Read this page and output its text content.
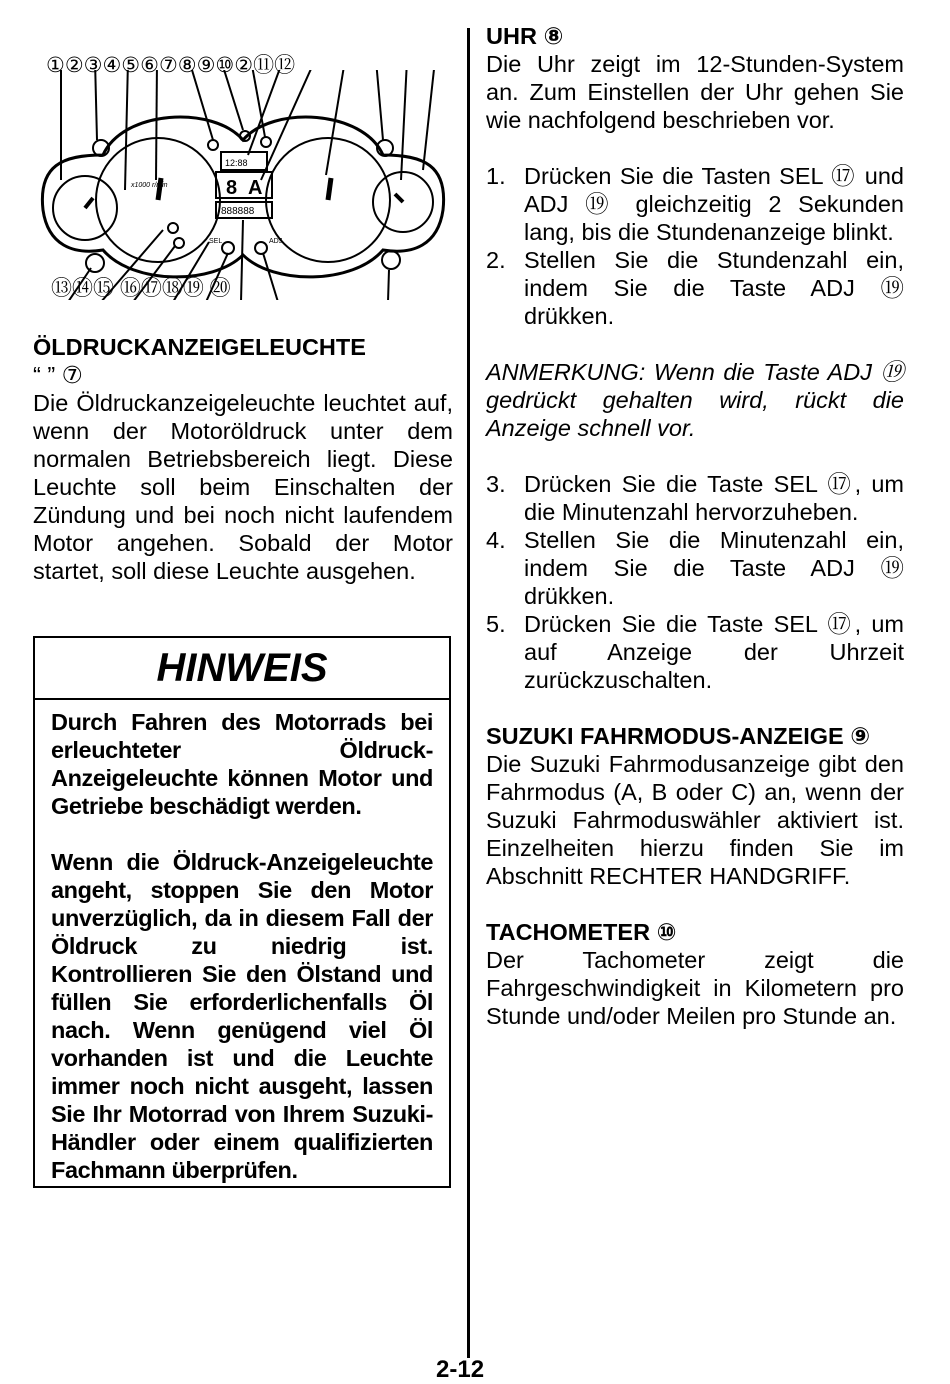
①②③④⑤⑥⑦⑧⑨⑩②⑪⑫
12:88
8 A
888888
x1000 r/min
SEL	ADJ
⑬⑭⑮ ⑯⑰⑱⑲ ⑳

ÖLDRUCKANZEIGELEUCHTE

“ ” ⑦

Die Öldruckanzeigeleuchte leuchtet auf, wenn der Motoröldruck unter dem normalen Betriebsbereich liegt. Diese Leuchte soll beim Einschalten der Zündung und bei noch nicht laufendem Motor angehen. Sobald der Motor startet, soll diese Leuchte ausgehen.

HINWEIS

Durch Fahren des Motorrads bei erleuchteter Öldruck-Anzeigeleuchte können Motor und Getriebe beschädigt werden.

Wenn die Öldruck-Anzeigeleuchte angeht, stoppen Sie den Motor unverzüglich, da in diesem Fall der Öldruck zu niedrig ist. Kontrollieren Sie den Ölstand und füllen Sie erforderlichenfalls Öl nach. Wenn genügend viel Öl vorhanden ist und die Leuchte immer noch nicht ausgeht, lassen Sie Ihr Motorrad von Ihrem Suzuki-Händler oder einem qualifizierten Fachmann überprüfen.

UHR ⑧

Die Uhr zeigt im 12-Stunden-System an. Zum Einstellen der Uhr gehen Sie wie nachfolgend beschrieben vor.

1. Drücken Sie die Tasten SEL ⑰ und ADJ ⑲ gleichzeitig 2 Sekunden lang, bis die Stundenanzeige blinkt.
2. Stellen Sie die Stundenzahl ein, indem Sie die Taste ADJ ⑲ drükken.

ANMERKUNG: Wenn die Taste ADJ ⑲ gedrückt gehalten wird, rückt die Anzeige schnell vor.

3. Drücken Sie die Taste SEL ⑰, um die Minutenzahl hervorzuheben.
4. Stellen Sie die Minutenzahl ein, indem Sie die Taste ADJ ⑲ drükken.
5. Drücken Sie die Taste SEL ⑰, um auf Anzeige der Uhrzeit zurückzuschalten.

SUZUKI FAHRMODUS-ANZEIGE ⑨

Die Suzuki Fahrmodusanzeige gibt den Fahrmodus (A, B oder C) an, wenn der Suzuki Fahrmoduswähler aktiviert ist. Einzelheiten hierzu finden Sie im Abschnitt RECHTER HANDGRIFF.

TACHOMETER ⑩

Der Tachometer zeigt die Fahrgeschwindigkeit in Kilometern pro Stunde und/oder Meilen pro Stunde an.

2-12
